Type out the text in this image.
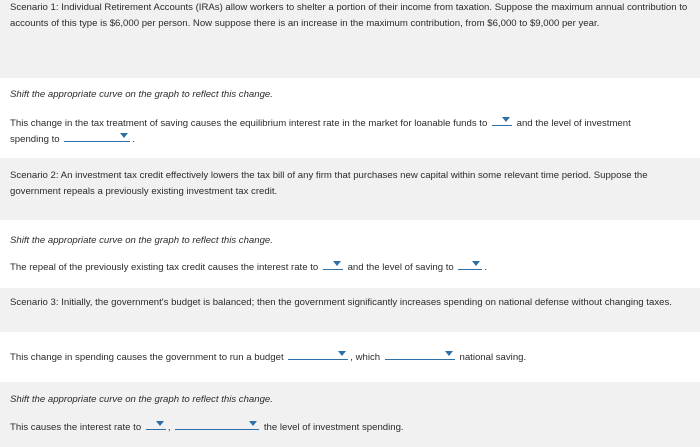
Scenario 1: Individual Retirement Accounts (IRAs) allow workers to shelter a portion of their income from taxation. Suppose the maximum annual contribution to accounts of this type is $6,000 per person. Now suppose there is an increase in the maximum contribution, from $6,000 to $9,000 per year.
Shift the appropriate curve on the graph to reflect this change.
This change in the tax treatment of saving causes the equilibrium interest rate in the market for loanable funds to	and the level of investment
spending to	.
Scenario 2: An investment tax credit effectively lowers the tax bill of any firm that purchases new capital within some relevant time period. Suppose the government repeals a previously existing investment tax credit.
Shift the appropriate curve on the graph to reflect this change.
The repeal of the previously existing tax credit causes the interest rate to	and the level of saving to	.
Scenario 3: Initially, the government's budget is balanced; then the government significantly increases spending on national defense without changing taxes.
This change in spending causes the government to run a budget	, which	national saving.
Shift the appropriate curve on the graph to reflect this change.
This causes the interest rate to	,	the level of investment spending.
